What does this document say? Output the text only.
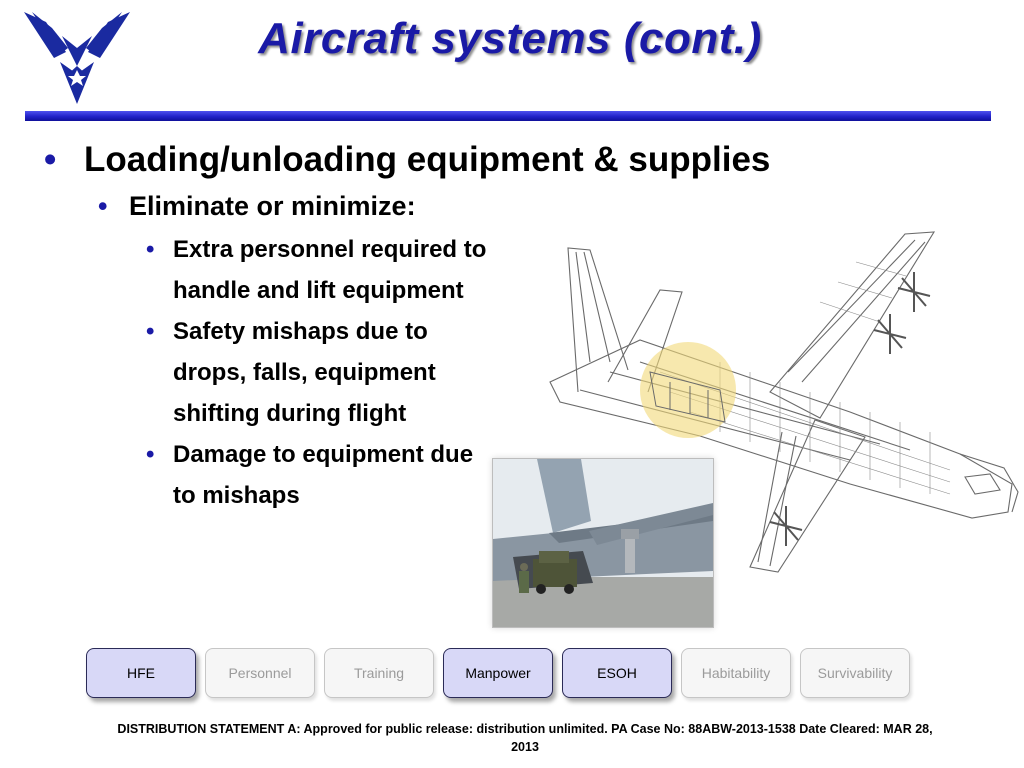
Aircraft systems (cont.)
• Loading/unloading equipment & supplies
• Eliminate or minimize:
• Extra personnel required to handle and lift equipment
• Safety mishaps due to drops, falls, equipment shifting during flight
• Damage to equipment due to mishaps
HFE	Personnel	Training	Manpower	ESOH	Habitability	Survivability
DISTRIBUTION STATEMENT A: Approved for public release: distribution unlimited. PA Case No: 88ABW-2013-1538 Date Cleared: MAR 28, 2013
